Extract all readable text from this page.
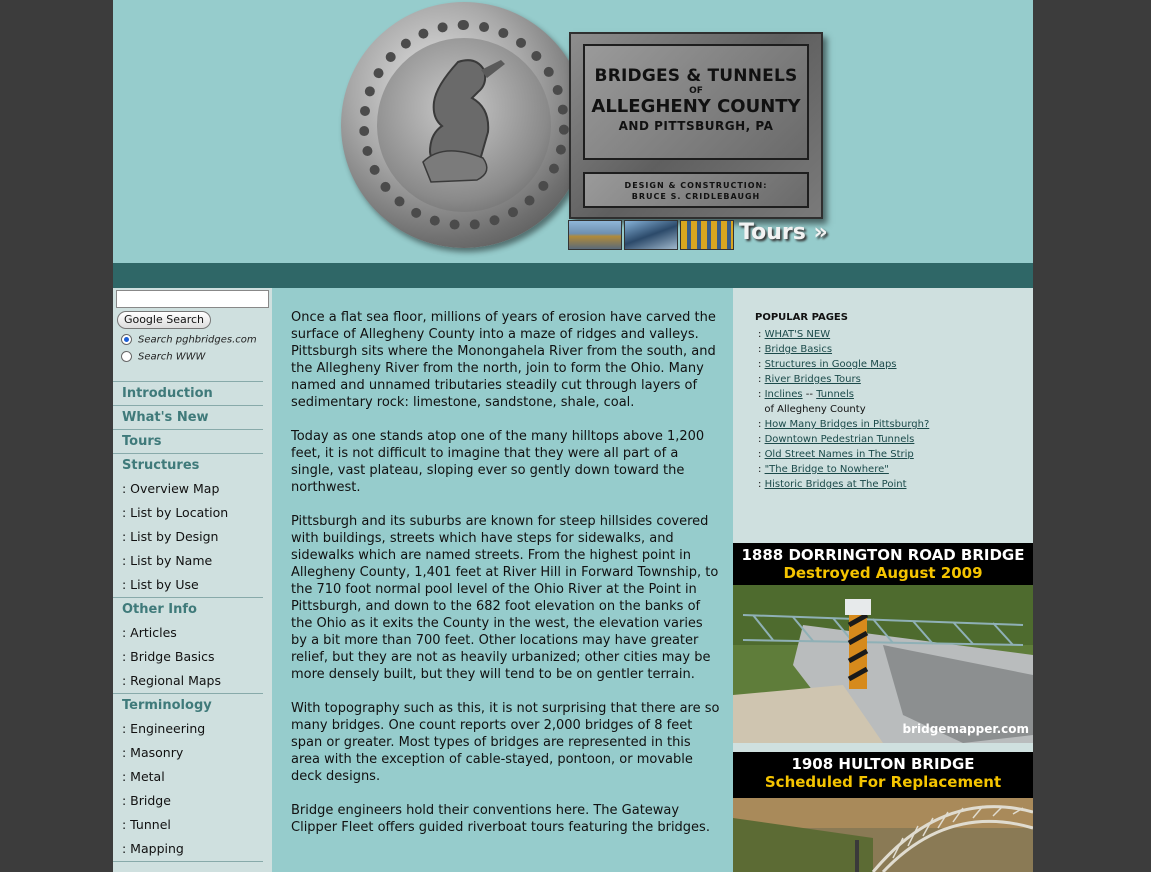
BRIDGES & TUNNELS
OF
ALLEGHENY COUNTY
AND PITTSBURGH, PA
DESIGN & CONSTRUCTION:
BRUCE S. CRIDLEBAUGH
Tours »
Google Search
Search pghbridges.com
Search WWW
Introduction
What's New
Tours
Structures
: Overview Map
: List by Location
: List by Design
: List by Name
: List by Use
Other Info
: Articles
: Bridge Basics
: Regional Maps
Terminology
: Engineering
: Masonry
: Metal
: Bridge
: Tunnel
: Mapping

Once a flat sea floor, millions of years of erosion have carved the surface of Allegheny County into a maze of ridges and valleys. Pittsburgh sits where the Monongahela River from the south, and the Allegheny River from the north, join to form the Ohio. Many named and unnamed tributaries steadily cut through layers of sedimentary rock: limestone, sandstone, shale, coal.

Today as one stands atop one of the many hilltops above 1,200 feet, it is not difficult to imagine that they were all part of a single, vast plateau, sloping ever so gently down toward the northwest.

Pittsburgh and its suburbs are known for steep hillsides covered with buildings, streets which have steps for sidewalks, and sidewalks which are named streets. From the highest point in Allegheny County, 1,401 feet at River Hill in Forward Township, to the 710 foot normal pool level of the Ohio River at the Point in Pittsburgh, and down to the 682 foot elevation on the banks of the Ohio as it exits the County in the west, the elevation varies by a bit more than 700 feet. Other locations may have greater relief, but they are not as heavily urbanized; other cities may be more densely built, but they will tend to be on gentler terrain.

With topography such as this, it is not surprising that there are so many bridges. One count reports over 2,000 bridges of 8 feet span or greater. Most types of bridges are represented in this area with the exception of cable-stayed, pontoon, or movable deck designs.

Bridge engineers hold their conventions here. The Gateway Clipper Fleet offers guided riverboat tours featuring the bridges.

POPULAR PAGES
: WHAT'S NEW
: Bridge Basics
: Structures in Google Maps
: River Bridges Tours
: Inclines -- Tunnels
of Allegheny County
: How Many Bridges in Pittsburgh?
: Downtown Pedestrian Tunnels
: Old Street Names in The Strip
: "The Bridge to Nowhere"
: Historic Bridges at The Point
1888 DORRINGTON ROAD BRIDGE
Destroyed August 2009
bridgemapper.com
1908 HULTON BRIDGE
Scheduled For Replacement
